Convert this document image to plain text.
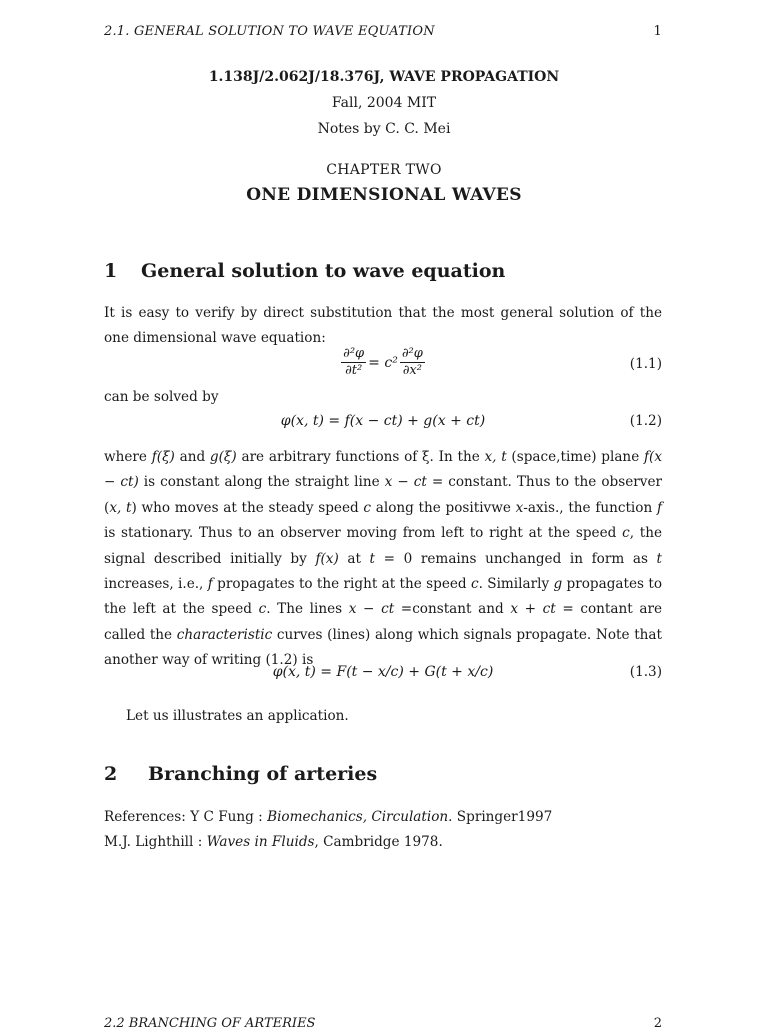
2.1. GENERAL SOLUTION TO WAVE EQUATION	1
1.138J/2.062J/18.376J, WAVE PROPAGATION
Fall, 2004 MIT
Notes by C. C. Mei
CHAPTER TWO
ONE DIMENSIONAL WAVES
1 General solution to wave equation

It is easy to verify by direct substitution that the most general solution of the one dimensional wave equation:

$\frac{\text{∂²φ}}{\text{∂t²}} = c^2 \frac{\text{∂²φ}}{\text{∂x²}}$	(1.1)

can be solved by

φ(x, t) = f(x − ct) + g(x + ct)	(1.2)

where f(ξ) and g(ξ) are arbitrary functions of ξ. In the x, t (space,time) plane f(x − ct) is constant along the straight line x − ct = constant. Thus to the observer (x, t) who moves at the steady speed c along the positivwe x-axis., the function f is stationary. Thus to an observer moving from left to right at the speed c, the signal described initially by f(x) at t = 0 remains unchanged in form as t increases, i.e., f propagates to the right at the speed c. Similarly g propagates to the left at the speed c. The lines x − ct =constant and x + ct = contant are called the characteristic curves (lines) along which signals propagate. Note that another way of writing (1.2) is

φ(x, t) = F(t − x/c) + G(t + x/c)	(1.3)

Let us illustrates an application.

2 Branching of arteries

References: Y C Fung : Biomechanics, Circulation. Springer1997
M.J. Lighthill : Waves in Fluids, Cambridge 1978.

2.2 BRANCHING OF ARTERIES	2
